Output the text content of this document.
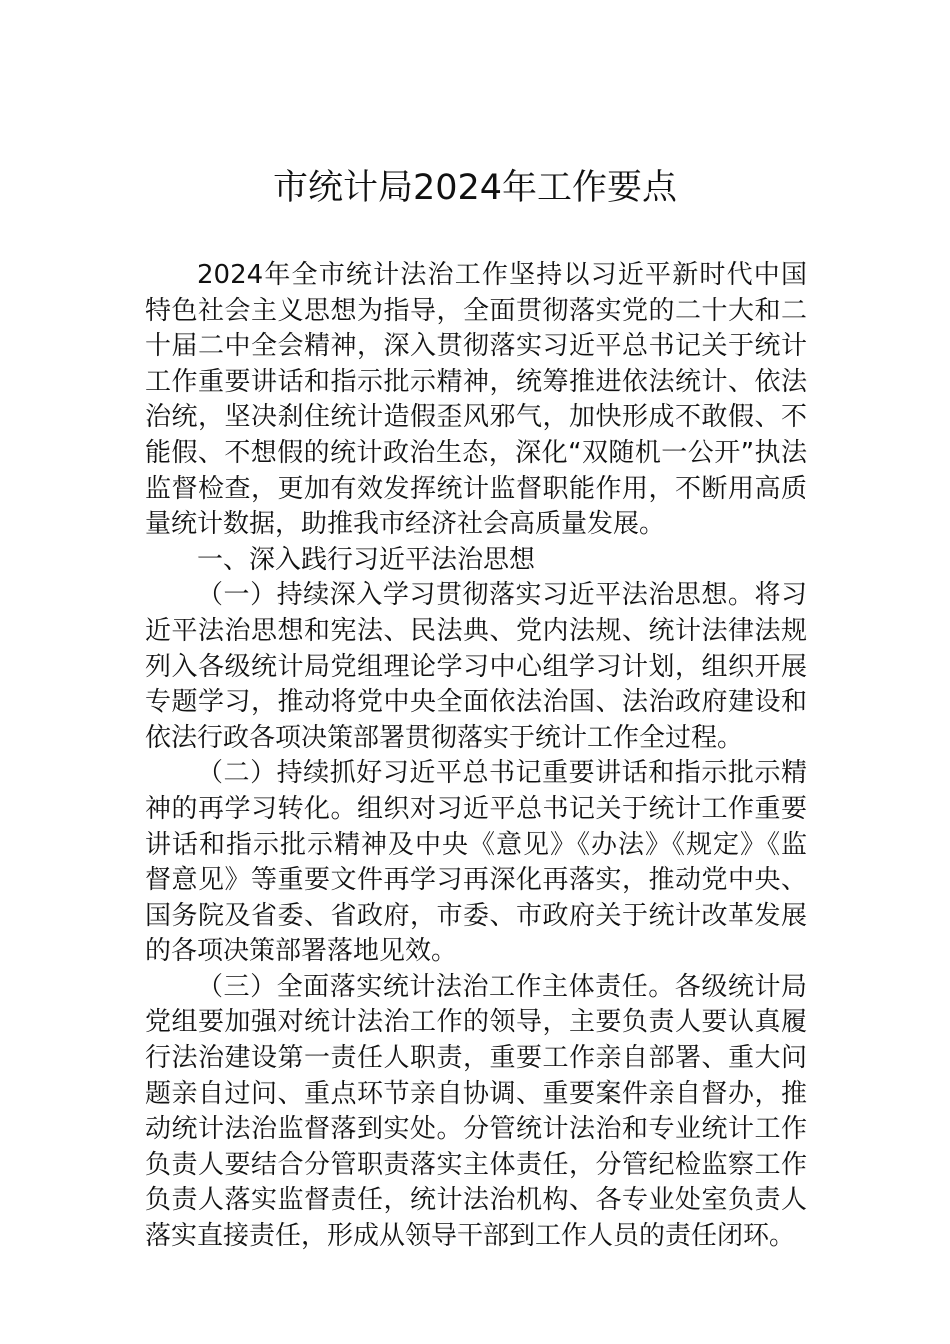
市统计局2024年工作要点

2024年全市统计法治工作坚持以习近平新时代中国特色社会主义思想为指导，全面贯彻落实党的二十大和二十届二中全会精神，深入贯彻落实习近平总书记关于统计工作重要讲话和指示批示精神，统筹推进依法统计、依法治统，坚决刹住统计造假歪风邪气，加快形成不敢假、不能假、不想假的统计政治生态，深化“双随机一公开”执法监督检查，更加有效发挥统计监督职能作用，不断用高质量统计数据，助推我市经济社会高质量发展。

一、深入践行习近平法治思想

（一）持续深入学习贯彻落实习近平法治思想。将习近平法治思想和宪法、民法典、党内法规、统计法律法规列入各级统计局党组理论学习中心组学习计划，组织开展专题学习，推动将党中央全面依法治国、法治政府建设和依法行政各项决策部署贯彻落实于统计工作全过程。

（二）持续抓好习近平总书记重要讲话和指示批示精神的再学习转化。组织对习近平总书记关于统计工作重要讲话和指示批示精神及中央《意见》《办法》《规定》《监督意见》等重要文件再学习再深化再落实，推动党中央、国务院及省委、省政府，市委、市政府关于统计改革发展的各项决策部署落地见效。

（三）全面落实统计法治工作主体责任。各级统计局党组要加强对统计法治工作的领导，主要负责人要认真履行法治建设第一责任人职责，重要工作亲自部署、重大问题亲自过问、重点环节亲自协调、重要案件亲自督办，推动统计法治监督落到实处。分管统计法治和专业统计工作负责人要结合分管职责落实主体责任，分管纪检监察工作负责人落实监督责任，统计法治机构、各专业处室负责人落实直接责任，形成从领导干部到工作人员的责任闭环。
